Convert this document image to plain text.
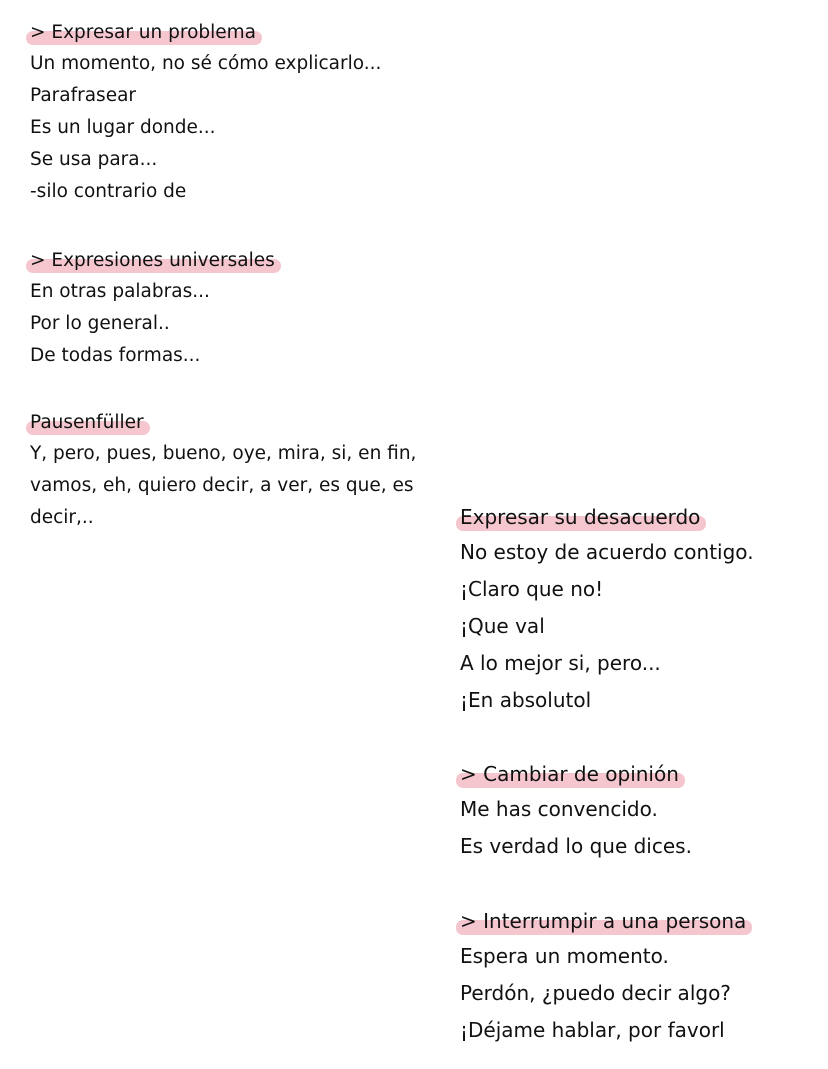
> Expresar un problema
Un momento, no sé cómo explicarlo...
Parafrasear
Es un lugar donde...
Se usa para...
-silo contrario de
> Expresiones universales
En otras palabras...
Por lo general..
De todas formas...
Pausenfüller
Y, pero, pues, bueno, oye, mira, si, en fin,
vamos, eh, quiero decir, a ver, es que, es
decir,..	Expresar su desacuerdo
No estoy de acuerdo contigo.
¡Claro que no!
¡Que val
A lo mejor si, pero...
¡En absolutol
> Cambiar de opinión
Me has convencido.
Es verdad lo que dices.
> Interrumpir a una persona
Espera un momento.
Perdón, ¿puedo decir algo?
¡Déjame hablar, por favorl
